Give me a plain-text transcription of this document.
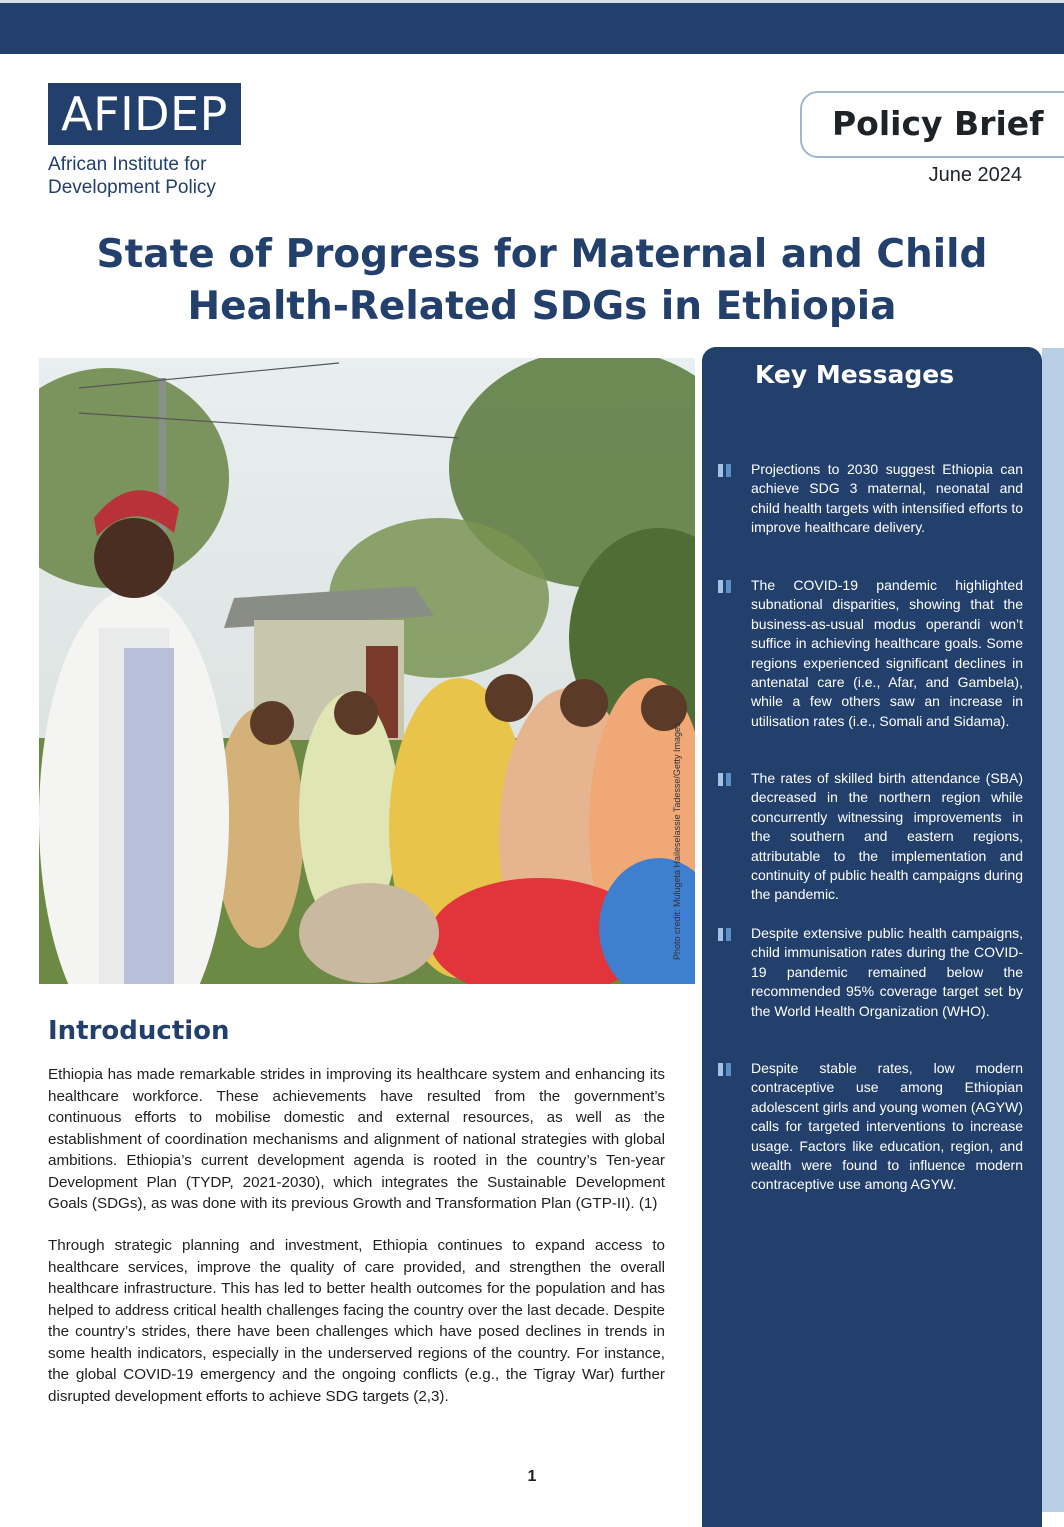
AFIDEP
African Institute for Development Policy
Policy Brief
June 2024
State of Progress for Maternal and Child Health-Related SDGs in Ethiopia
Photo credit: Mulugeta Haileselassie Tadesse/Getty Images
Key Messages

Projections to 2030 suggest Ethiopia can achieve SDG 3 maternal, neonatal and child health targets with intensified efforts to improve healthcare delivery.

The COVID-19 pandemic highlighted subnational disparities, showing that the business-as-usual modus operandi won’t suffice in achieving healthcare goals. Some regions experienced significant declines in antenatal care (i.e., Afar, and Gambela), while a few others saw an increase in utilisation rates (i.e., Somali and Sidama).

The rates of skilled birth attendance (SBA) decreased in the northern region while concurrently witnessing improvements in the southern and eastern regions, attributable to the implementation and continuity of public health campaigns during the pandemic.

Despite extensive public health campaigns, child immunisation rates during the COVID-19 pandemic remained below the recommended 95% coverage target set by the World Health Organization (WHO).

Despite stable rates, low modern contraceptive use among Ethiopian adolescent girls and young women (AGYW) calls for targeted interventions to increase usage. Factors like education, region, and wealth were found to influence modern contraceptive use among AGYW.

Introduction

Ethiopia has made remarkable strides in improving its healthcare system and enhancing its healthcare workforce. These achievements have resulted from the government’s continuous efforts to mobilise domestic and external resources, as well as the establishment of coordination mechanisms and alignment of national strategies with global ambitions. Ethiopia’s current development agenda is rooted in the country’s Ten-year Development Plan (TYDP, 2021-2030), which integrates the Sustainable Development Goals (SDGs), as was done with its previous Growth and Transformation Plan (GTP-II). (1)

Through strategic planning and investment, Ethiopia continues to expand access to healthcare services, improve the quality of care provided, and strengthen the overall healthcare infrastructure. This has led to better health outcomes for the population and has helped to address critical health challenges facing the country over the last decade. Despite the country’s strides, there have been challenges which have posed declines in trends in some health indicators, especially in the underserved regions of the country. For instance, the global COVID-19 emergency and the ongoing conflicts (e.g., the Tigray War) further disrupted development efforts to achieve SDG targets (2,3).

1
